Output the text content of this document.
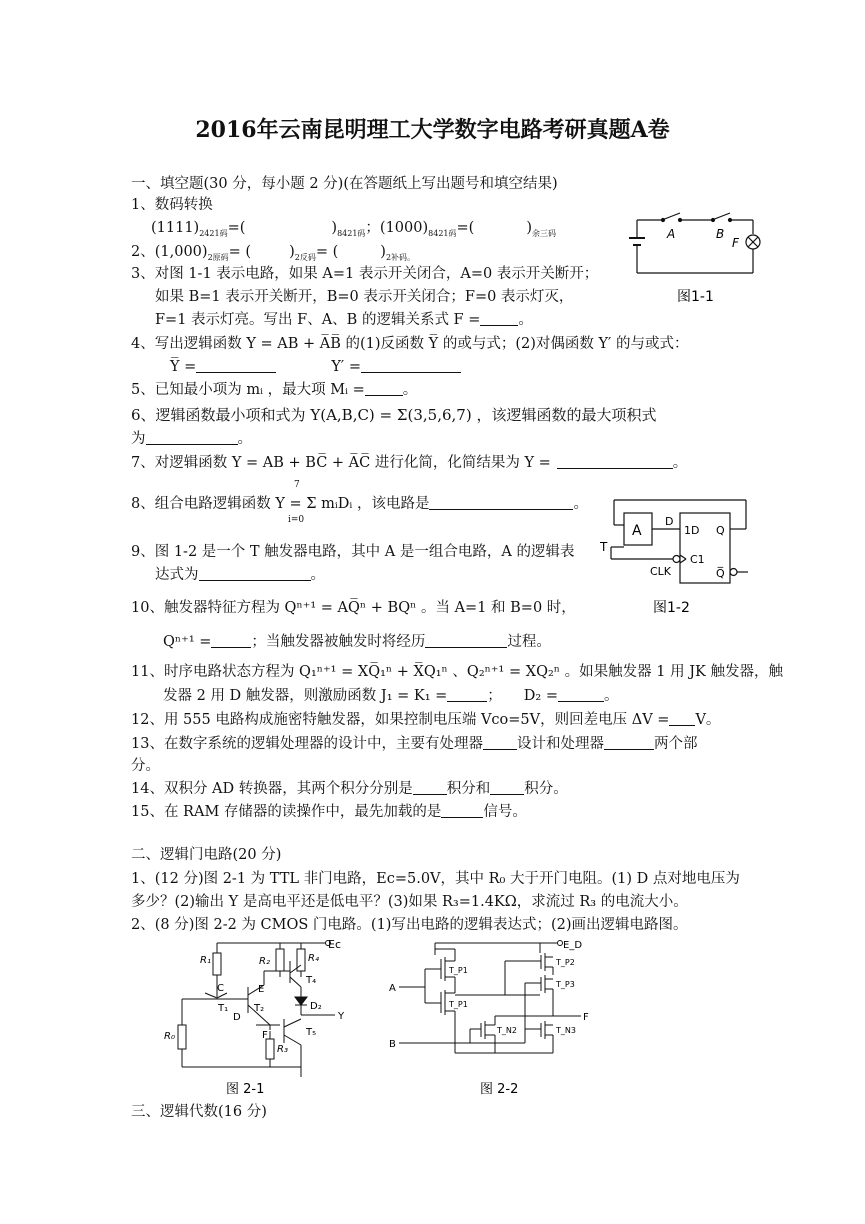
2016年云南昆明理工大学数字电路考研真题A卷
一、填空题(30 分，每小题 2 分)(在答题纸上写出题号和填空结果)
1、数码转换
$(1111)_{2421码}=$(	)$_{8421码}$；$(1000)_{8421码}=$(	)$_{余三码}$
2、$(1,000)_{2原码}=$ (	)$_{2反码}=$ (	)$_{2补码。}$
3、对图 1-1 表示电路，如果 A=1 表示开关闭合，A=0 表示开关断开；
如果 B=1 表示开关断开，B=0 表示开关闭合；F=0 表示灯灭，
F=1 表示灯亮。写出 F、A、B 的逻辑关系式 F =	。
4、写出逻辑函数 Y = AB + A̅B̅ 的(1)反函数 Y̅ 的或与式；(2)对偶函数 Y′ 的与或式：
Y̅ =	Y′ =
5、已知最小项为 mᵢ ，最大项 Mᵢ =	。
6、逻辑函数最小项和式为 Y(A,B,C) = Σ(3,5,6,7) ，该逻辑函数的最大项积式
为	。
7、对逻辑函数 Y = AB + BC̅ + A̅C̅ 进行化简，化简结果为 Y =	。
7
8、组合电路逻辑函数 Y = Σ mᵢDᵢ ，该电路是	。
i=0
9、图 1-2 是一个 T 触发器电路，其中 A 是一组合电路，A 的逻辑表
达式为	。
10、触发器特征方程为 Qⁿ⁺¹ = AQ̅ⁿ + BQⁿ 。当 A=1 和 B=0 时，
Qⁿ⁺¹ =	；当触发器被触发时将经历	过程。
11、时序电路状态方程为 Q₁ⁿ⁺¹ = XQ̅₁ⁿ + X̅Q₁ⁿ 、Q₂ⁿ⁺¹ = XQ₂ⁿ 。如果触发器 1 用 JK 触发器，触
发器 2 用 D 触发器，则激励函数 J₁ = K₁ =	； D₂ =	。
12、用 555 电路构成施密特触发器，如果控制电压端 Vco=5V，则回差电压 ΔV = V。
13、在数字系统的逻辑处理器的设计中，主要有处理器 设计和处理器	两个部
分。
14、双积分 AD 转换器，其两个积分分别是 积分和 积分。
15、在 RAM 存储器的读操作中，最先加载的是	信号。
二、逻辑门电路(20 分)
1、(12 分)图 2-1 为 TTL 非门电路，Ec=5.0V，其中 R₀ 大于开门电阻。(1) D 点对地电压为
多少？(2)输出 Y 是高电平还是低电平？(3)如果 R₃=1.4KΩ，求流过 R₃ 的电流大小。
2、(8 分)图 2-2 为 CMOS 门电路。(1)写出电路的逻辑表达式；(2)画出逻辑电路图。
三、逻辑代数(16 分)
A	B
F
图1-1
A
D
1D
C1
Q
Q̅
T
CLK
图1-2
Ec
R₁	R₂	R₄
C	E
T₄
D₂
Y
T₁
D
T₂
F	T₅
R₀
R₃
图 2-1
E_D
A
B
F
T_P1
T_P1
T_P2
T_P3
T_N2	T_N3
图 2-2
